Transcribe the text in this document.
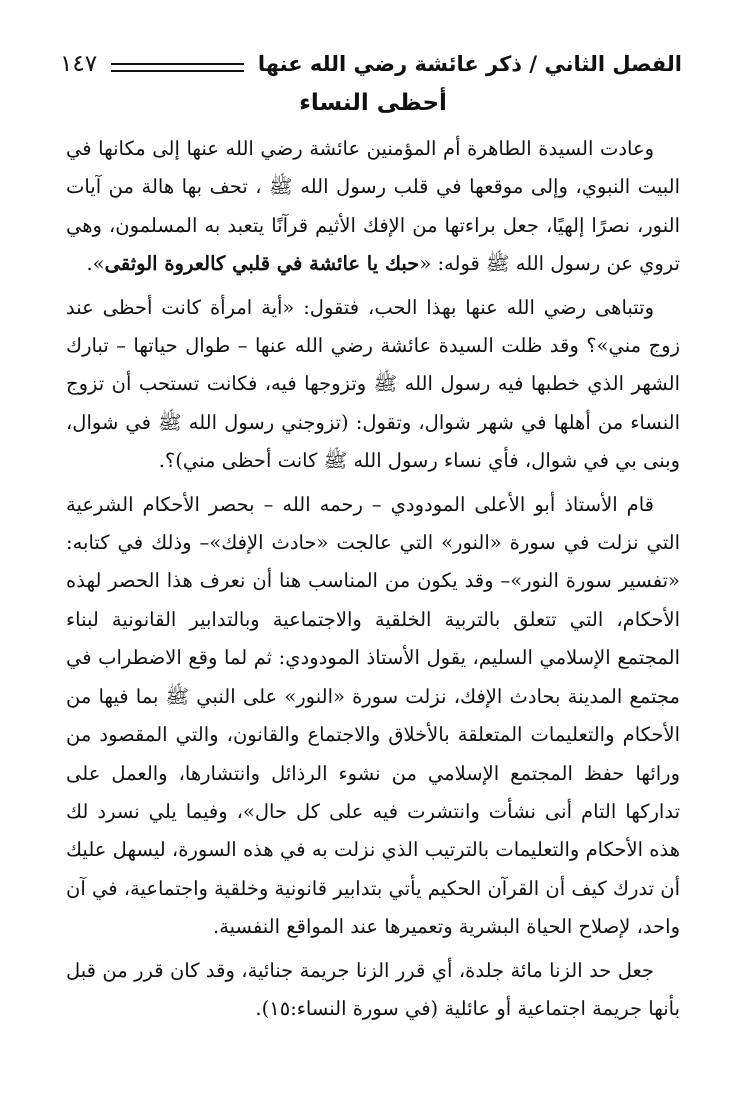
الفصل الثاني / ذكر عائشة رضي الله عنها
١٤٧
أحظى النساء

وعادت السيدة الطاهرة أم المؤمنين عائشة رضي الله عنها إلى مكانها في البيت النبوي، وإلى موقعها في قلب رسول الله ﷺ ، تحف بها هالة من آيات النور، نصرًا إلهيًا، جعل براءتها من الإفك الأثيم قرآنًا يتعبد به المسلمون، وهي تروي عن رسول الله ﷺ قوله: «حبك يا عائشة في قلبي كالعروة الوثقى».

وتتباهى رضي الله عنها بهذا الحب، فتقول: «أية امرأة كانت أحظى عند زوج مني»؟ وقد ظلت السيدة عائشة رضي الله عنها – طوال حياتها – تبارك الشهر الذي خطبها فيه رسول الله ﷺ وتزوجها فيه، فكانت تستحب أن تزوج النساء من أهلها في شهر شوال، وتقول: (تزوجني رسول الله ﷺ في شوال، وبنى بي في شوال، فأي نساء رسول الله ﷺ كانت أحظى مني)؟.

قام الأستاذ أبو الأعلى المودودي – رحمه الله – بحصر الأحكام الشرعية التي نزلت في سورة «النور» التي عالجت «حادث الإفك»– وذلك في كتابه: «تفسير سورة النور»– وقد يكون من المناسب هنا أن نعرف هذا الحصر لهذه الأحكام، التي تتعلق بالتربية الخلقية والاجتماعية وبالتدابير القانونية لبناء المجتمع الإسلامي السليم، يقول الأستاذ المودودي: ثم لما وقع الاضطراب في مجتمع المدينة بحادث الإفك، نزلت سورة «النور» على النبي ﷺ بما فيها من الأحكام والتعليمات المتعلقة بالأخلاق والاجتماع والقانون، والتي المقصود من ورائها حفظ المجتمع الإسلامي من نشوء الرذائل وانتشارها، والعمل على تداركها التام أنى نشأت وانتشرت فيه على كل حال»، وفيما يلي نسرد لك هذه الأحكام والتعليمات بالترتيب الذي نزلت به في هذه السورة، ليسهل عليك أن تدرك كيف أن القرآن الحكيم يأتي بتدابير قانونية وخلقية واجتماعية، في آن واحد، لإصلاح الحياة البشرية وتعميرها عند المواقع النفسية.

جعل حد الزنا مائة جلدة، أي قرر الزنا جريمة جنائية، وقد كان قرر من قبل بأنها جريمة اجتماعية أو عائلية (في سورة النساء:١٥).
